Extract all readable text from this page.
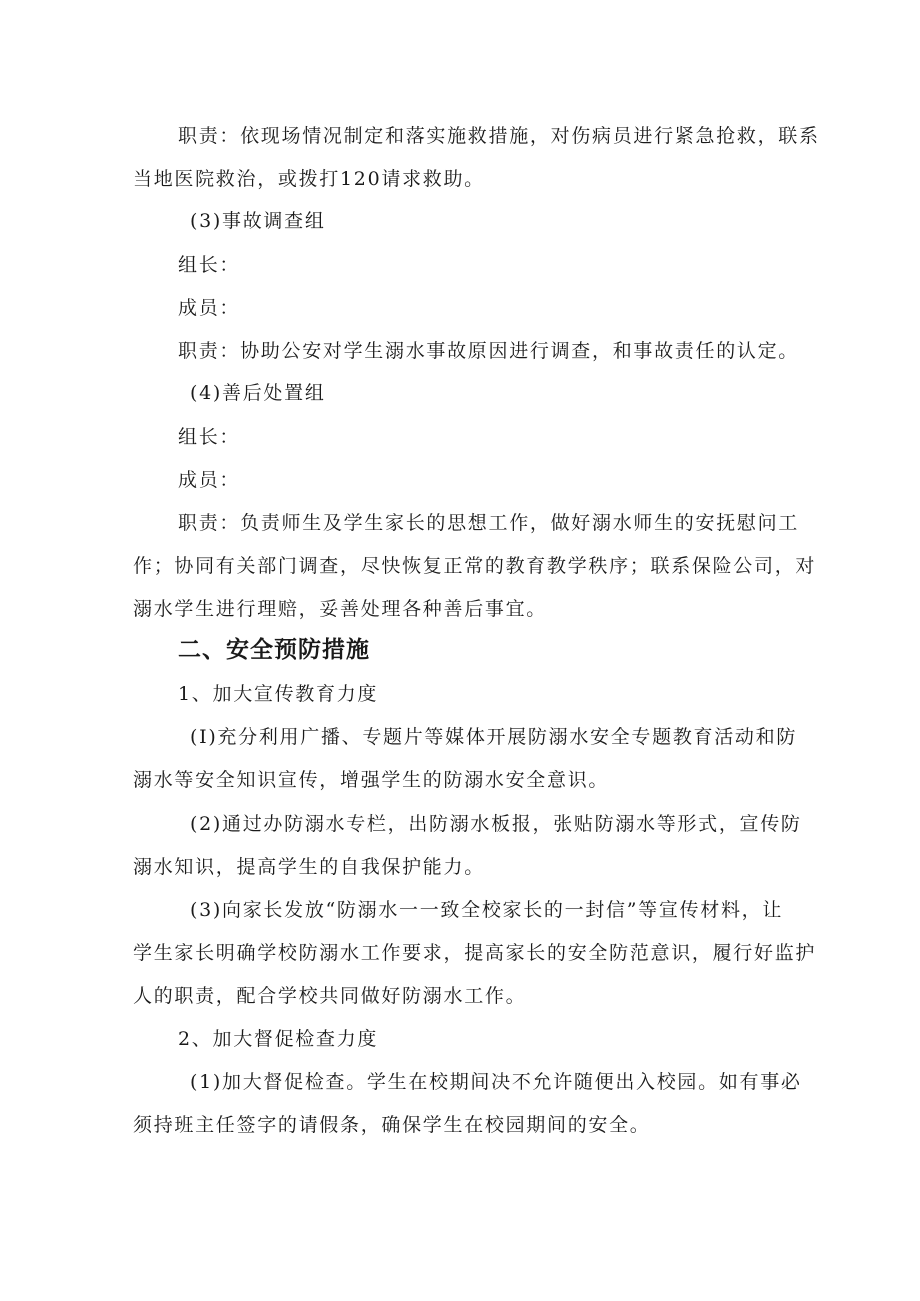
职责：依现场情况制定和落实施救措施，对伤病员进行紧急抢救，联系
当地医院救治，或拨打120请求救助。
(3)事故调查组
组长：
成员：
职责：协助公安对学生溺水事故原因进行调查，和事故责任的认定。
(4)善后处置组
组长：
成员：
职责：负责师生及学生家长的思想工作，做好溺水师生的安抚慰问工
作；协同有关部门调查，尽快恢复正常的教育教学秩序；联系保险公司，对
溺水学生进行理赔，妥善处理各种善后事宜。
二、安全预防措施
1、加大宣传教育力度
(I)充分利用广播、专题片等媒体开展防溺水安全专题教育活动和防
溺水等安全知识宣传，增强学生的防溺水安全意识。
(2)通过办防溺水专栏，出防溺水板报，张贴防溺水等形式，宣传防
溺水知识，提高学生的自我保护能力。
(3)向家长发放“防溺水一一致全校家长的一封信”等宣传材料，让
学生家长明确学校防溺水工作要求，提高家长的安全防范意识，履行好监护
人的职责，配合学校共同做好防溺水工作。
2、加大督促检查力度
(1)加大督促检查。学生在校期间决不允许随便出入校园。如有事必
须持班主任签字的请假条，确保学生在校园期间的安全。
